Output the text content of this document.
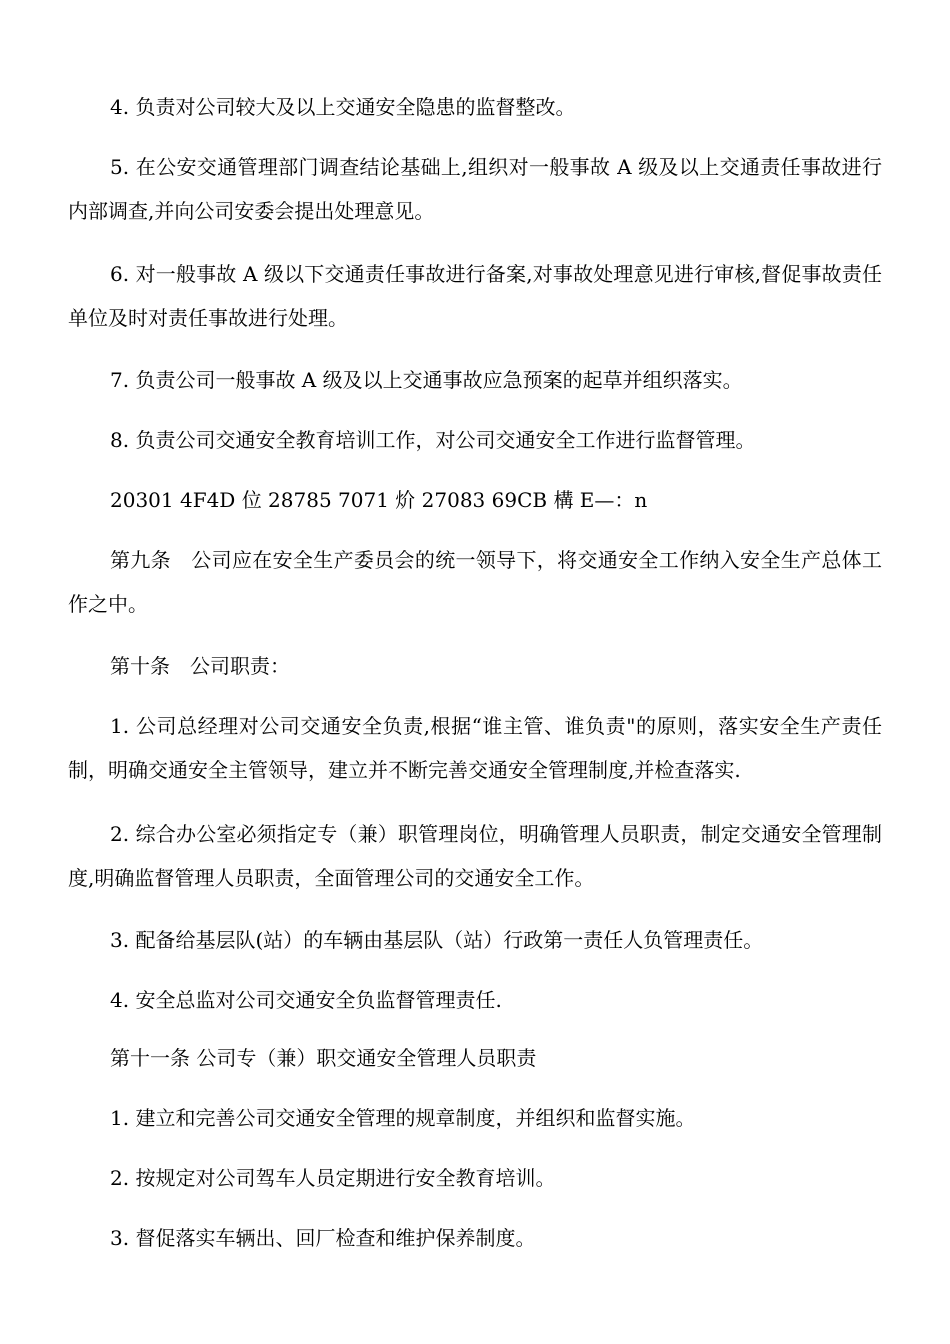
4. 负责对公司较大及以上交通安全隐患的监督整改。

5. 在公安交通管理部门调查结论基础上,组织对一般事故 A 级及以上交通责任事故进行内部调查,并向公司安委会提出处理意见。

6. 对一般事故 A 级以下交通责任事故进行备案,对事故处理意见进行审核,督促事故责任单位及时对责任事故进行处理。

7. 负责公司一般事故 A 级及以上交通事故应急预案的起草并组织落实。

8. 负责公司交通安全教育培训工作，对公司交通安全工作进行监督管理。

20301 4F4D 位 28785 7071 炌 27083 69CB 構 E—：n

第九条　公司应在安全生产委员会的统一领导下，将交通安全工作纳入安全生产总体工作之中。

第十条　公司职责：

1. 公司总经理对公司交通安全负责,根据“谁主管、谁负责"的原则，落实安全生产责任制，明确交通安全主管领导，建立并不断完善交通安全管理制度,并检查落实.

2. 综合办公室必须指定专（兼）职管理岗位，明确管理人员职责，制定交通安全管理制度,明确监督管理人员职责，全面管理公司的交通安全工作。

3. 配备给基层队(站）的车辆由基层队（站）行政第一责任人负管理责任。

4. 安全总监对公司交通安全负监督管理责任.

第十一条 公司专（兼）职交通安全管理人员职责

1. 建立和完善公司交通安全管理的规章制度，并组织和监督实施。

2. 按规定对公司驾车人员定期进行安全教育培训。

3. 督促落实车辆出、回厂检查和维护保养制度。
